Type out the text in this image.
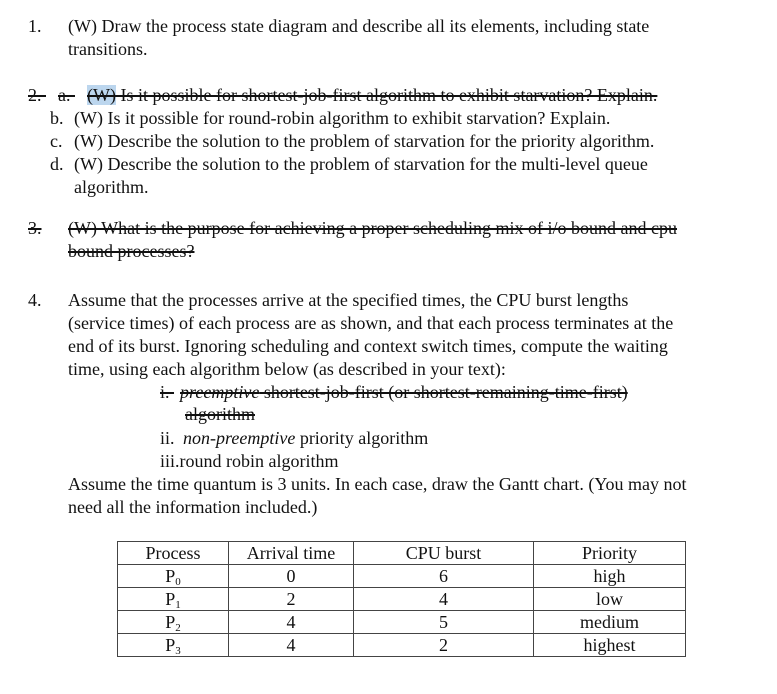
1. (W) Draw the process state diagram and describe all its elements, including state
transitions.
2. a. (W) Is it possible for shortest-job-first algorithm to exhibit starvation? Explain.
b. (W) Is it possible for round-robin algorithm to exhibit starvation? Explain.
c. (W) Describe the solution to the problem of starvation for the priority algorithm.
d. (W) Describe the solution to the problem of starvation for the multi-level queue
algorithm.
3. (W) What is the purpose for achieving a proper scheduling mix of i/o bound and cpu
bound processes?
4. Assume that the processes arrive at the specified times, the CPU burst lengths
(service times) of each process are as shown, and that each process terminates at the
end of its burst. Ignoring scheduling and context switch times, compute the waiting
time, using each algorithm below (as described in your text):
i. preemptive shortest-job-first (or shortest-remaining-time-first)
algorithm
ii. non-preemptive priority algorithm
iii.round robin algorithm
Assume the time quantum is 3 units. In each case, draw the Gantt chart. (You may not
need all the information included.)
Process	Arrival time	CPU burst	Priority
$P_0$	0	6	high
$P_1$	2	4	low
$P_2$	4	5	medium
$P_3$	4	2	highest
